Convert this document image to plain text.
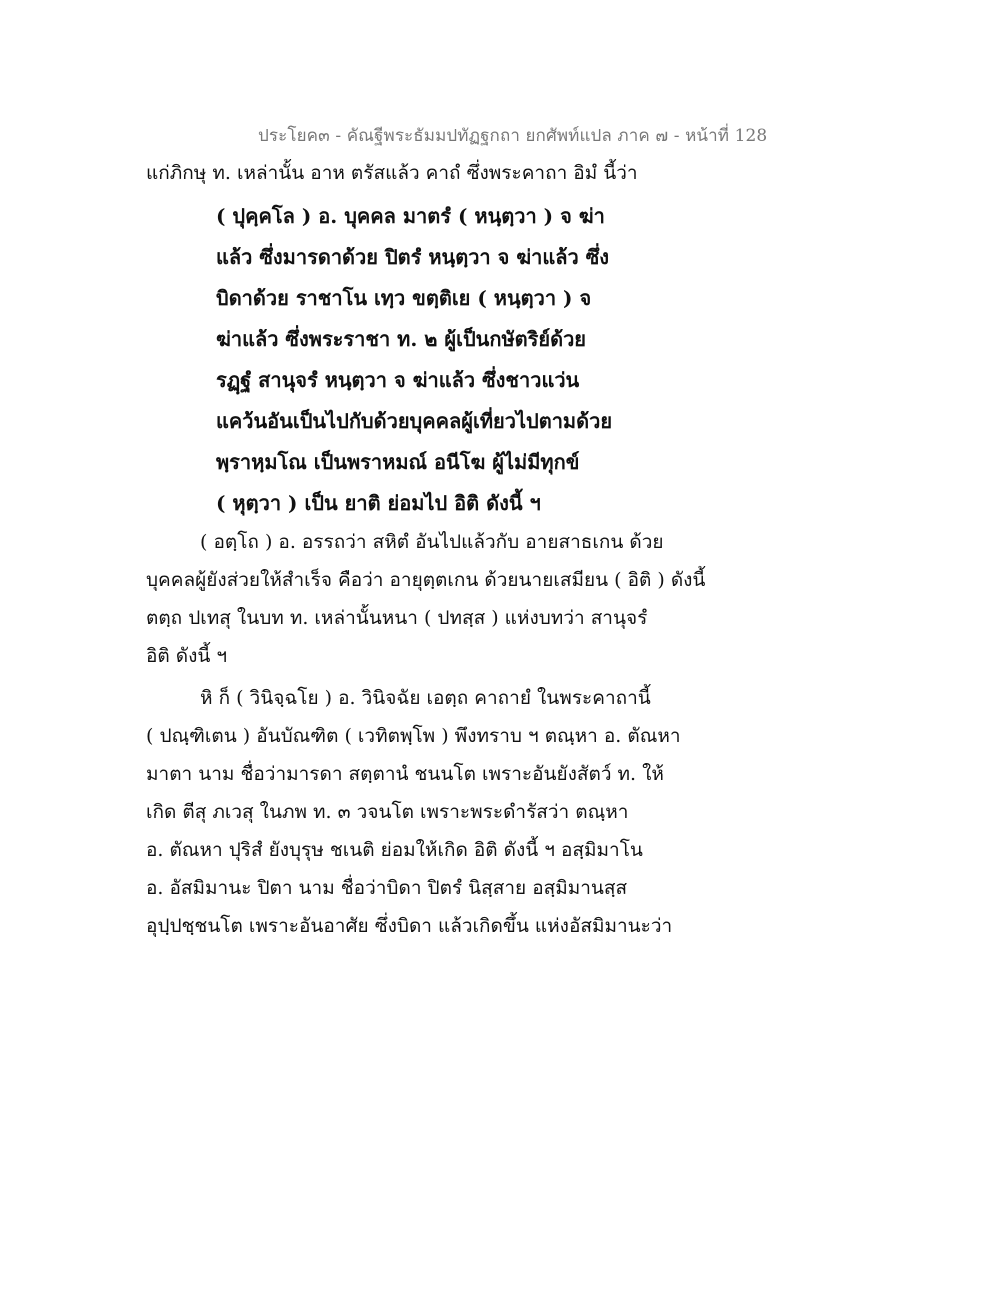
ประโยค๓ - คัณฐีพระธัมมปทัฏฐกถา ยกศัพท์แปล ภาค ๗ - หน้าที่ 128
แก่ภิกษุ ท. เหล่านั้น อาห ตรัสแล้ว คาถํ ซึ่งพระคาถา อิมํ นี้ว่า
( ปุคฺคโล ) อ. บุคคล มาตรํ ( หนฺตฺวา ) จ ฆ่า
แล้ว ซึ่งมารดาด้วย ปิตรํ หนฺตฺวา จ ฆ่าแล้ว ซึ่ง
บิดาด้วย ราชาโน เทฺว ขตฺติเย ( หนฺตฺวา ) จ
ฆ่าแล้ว ซึ่งพระราชา ท. ๒ ผู้เป็นกษัตริย์ด้วย
รฏฺฐํ สานุจรํ หนฺตฺวา จ ฆ่าแล้ว ซึ่งชาวแว่น
แคว้นอันเป็นไปกับด้วยบุคคลผู้เที่ยวไปตามด้วย
พฺราหฺมโณ เป็นพราหมณ์ อนีโฆ ผู้ไม่มีทุกข์
( หุตฺวา ) เป็น ยาติ ย่อมไป อิติ ดังนี้ ฯ
( อตฺโถ ) อ. อรรถว่า สหิตํ อันไปแล้วกับ อายสาธเกน ด้วย
บุคคลผู้ยังส่วยให้สำเร็จ คือว่า อายุตฺตเกน ด้วยนายเสมียน ( อิติ ) ดังนี้
ตตฺถ ปเทสุ ในบท ท. เหล่านั้นหนา ( ปทสฺส ) แห่งบทว่า สานุจรํ
อิติ ดังนี้ ฯ
หิ ก็ ( วินิจฺฉโย ) อ. วินิจฉัย เอตฺถ คาถายํ ในพระคาถานี้
( ปณฺฑิเตน ) อันบัณฑิต ( เวทิตพฺโพ ) พึงทราบ ฯ ตณฺหา อ. ตัณหา
มาตา นาม ชื่อว่ามารดา สตฺตานํ ชนนโต เพราะอันยังสัตว์ ท. ให้
เกิด ตีสุ ภเวสุ ในภพ ท. ๓ วจนโต เพราะพระดำรัสว่า ตณฺหา
อ. ตัณหา ปุริสํ ยังบุรุษ ชเนติ ย่อมให้เกิด อิติ ดังนี้ ฯ อสฺมิมาโน
อ. อัสมิมานะ ปิตา นาม ชื่อว่าบิดา ปิตรํ นิสฺสาย อสฺมิมานสฺส
อุปฺปชฺชนโต เพราะอันอาศัย ซึ่งบิดา แล้วเกิดขึ้น แห่งอัสมิมานะว่า
